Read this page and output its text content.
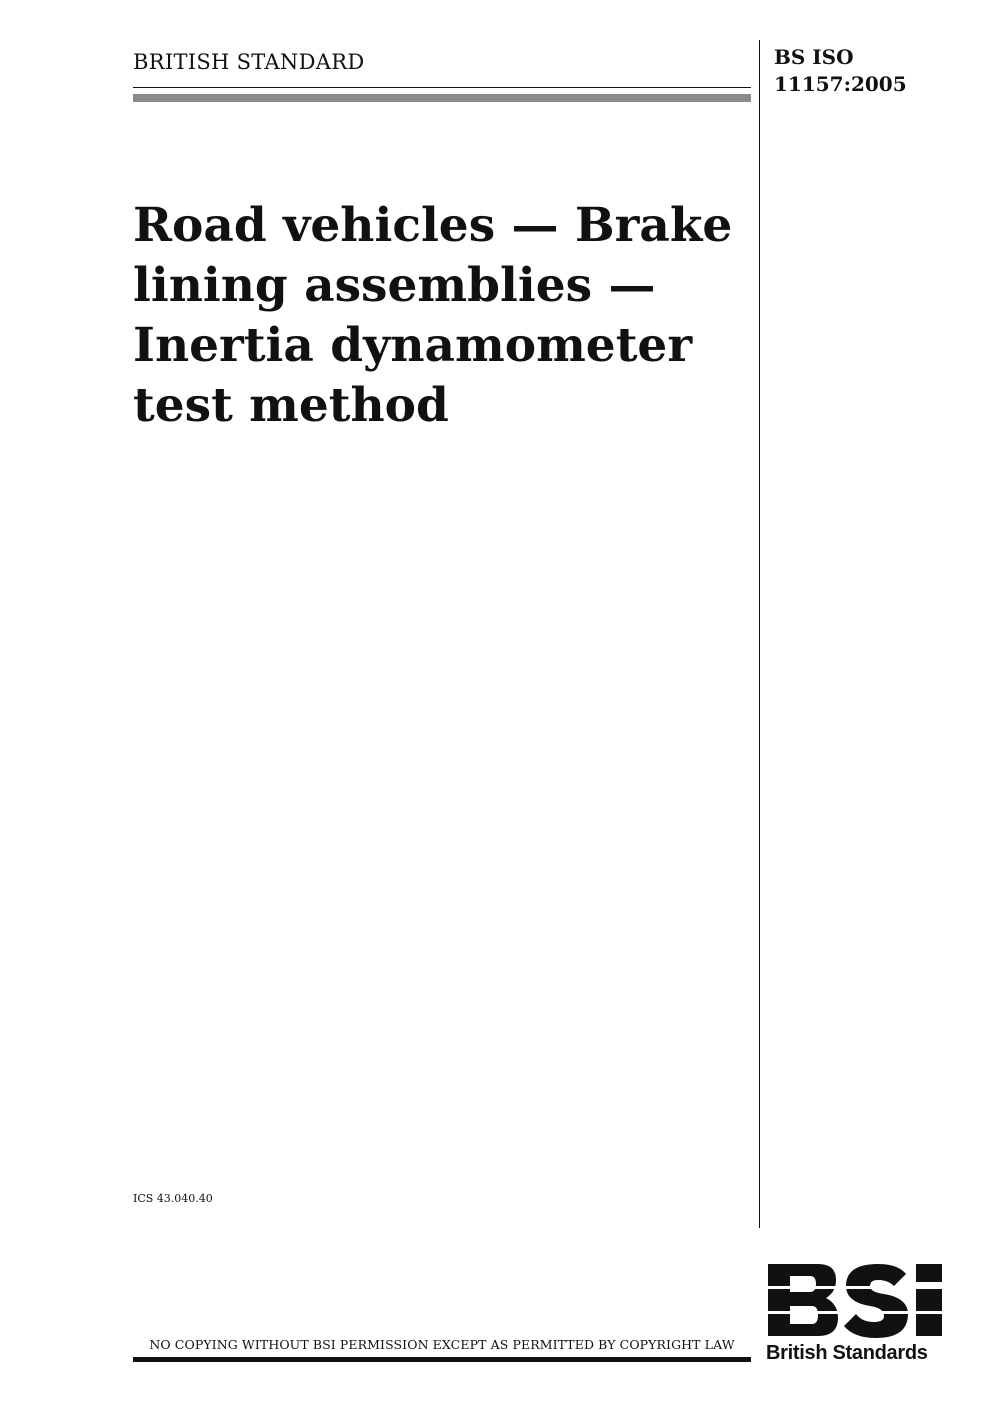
BRITISH STANDARD	BS ISO
11157:2005
Road vehicles — Brake
lining assemblies —
Inertia dynamometer
test method
ICS 43.040.40
NO COPYING WITHOUT BSI PERMISSION EXCEPT AS PERMITTED BY COPYRIGHT LAW	British Standards
